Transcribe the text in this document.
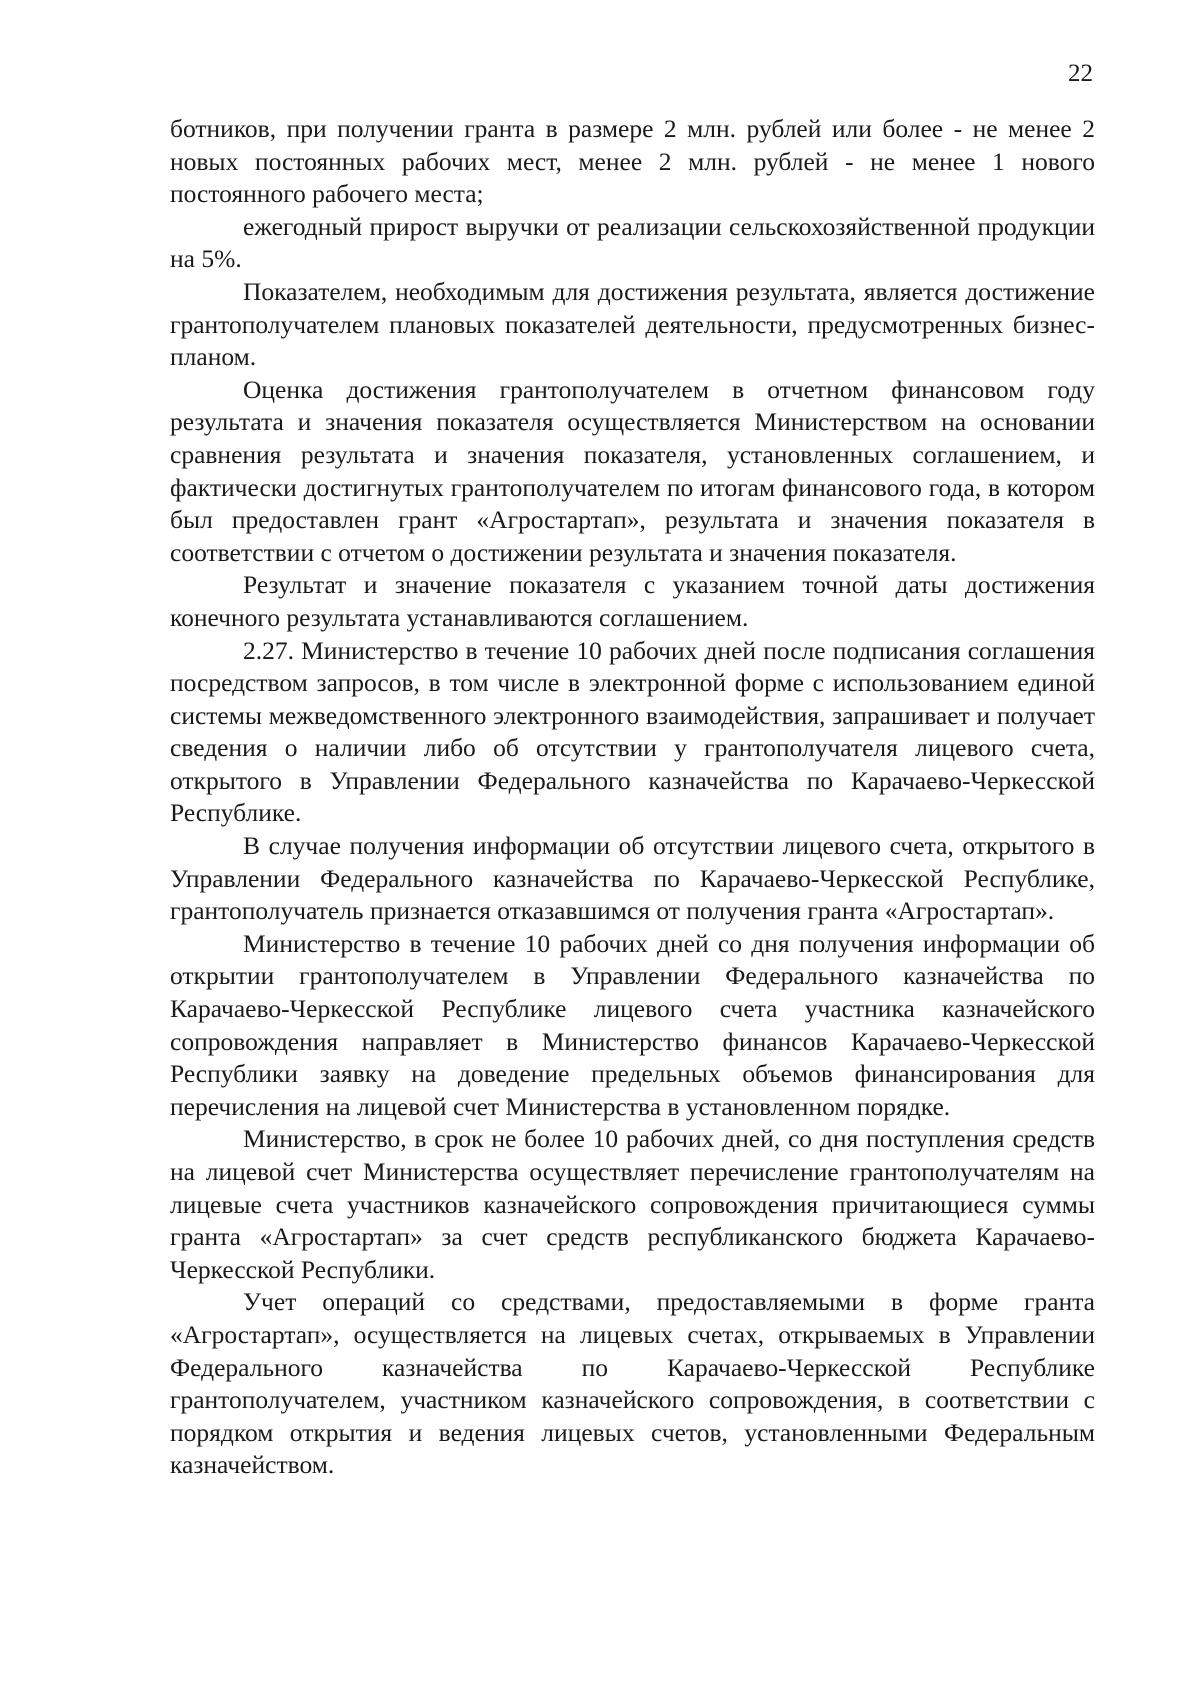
22

ботников, при получении гранта в размере 2 млн. рублей или более - не менее 2 новых постоянных рабочих мест, менее 2 млн. рублей - не менее 1 нового постоянного рабочего места;

ежегодный прирост выручки от реализации сельскохозяйственной продукции на 5%.

Показателем, необходимым для достижения результата, является достижение грантополучателем плановых показателей деятельности, предусмотренных бизнес-планом.

Оценка достижения грантополучателем в отчетном финансовом году результата и значения показателя осуществляется Министерством на основании сравнения результата и значения показателя, установленных соглашением, и фактически достигнутых грантополучателем по итогам финансового года, в котором был предоставлен грант «Агростартап», результата и значения показателя в соответствии с отчетом о достижении результата и значения показателя.

Результат и значение показателя с указанием точной даты достижения конечного результата устанавливаются соглашением.

2.27. Министерство в течение 10 рабочих дней после подписания соглашения посредством запросов, в том числе в электронной форме с использованием единой системы межведомственного электронного взаимодействия, запрашивает и получает сведения о наличии либо об отсутствии у грантополучателя лицевого счета, открытого в Управлении Федерального казначейства по Карачаево-Черкесской Республике.

В случае получения информации об отсутствии лицевого счета, открытого в Управлении Федерального казначейства по Карачаево-Черкесской Республике, грантополучатель признается отказавшимся от получения гранта «Агростартап».

Министерство в течение 10 рабочих дней со дня получения информации об открытии грантополучателем в Управлении Федерального казначейства по Карачаево-Черкесской Республике лицевого счета участника казначейского сопровождения направляет в Министерство финансов Карачаево-Черкесской Республики заявку на доведение предельных объемов финансирования для перечисления на лицевой счет Министерства в установленном порядке.

Министерство, в срок не более 10 рабочих дней, со дня поступления средств на лицевой счет Министерства осуществляет перечисление грантополучателям на лицевые счета участников казначейского сопровождения причитающиеся суммы гранта «Агростартап» за счет средств республиканского бюджета Карачаево-Черкесской Республики.

Учет операций со средствами, предоставляемыми в форме гранта «Агростартап», осуществляется на лицевых счетах, открываемых в Управлении Федерального казначейства по Карачаево-Черкесской Республике грантополучателем, участником казначейского сопровождения, в соответствии с порядком открытия и ведения лицевых счетов, установленными Федеральным казначейством.
